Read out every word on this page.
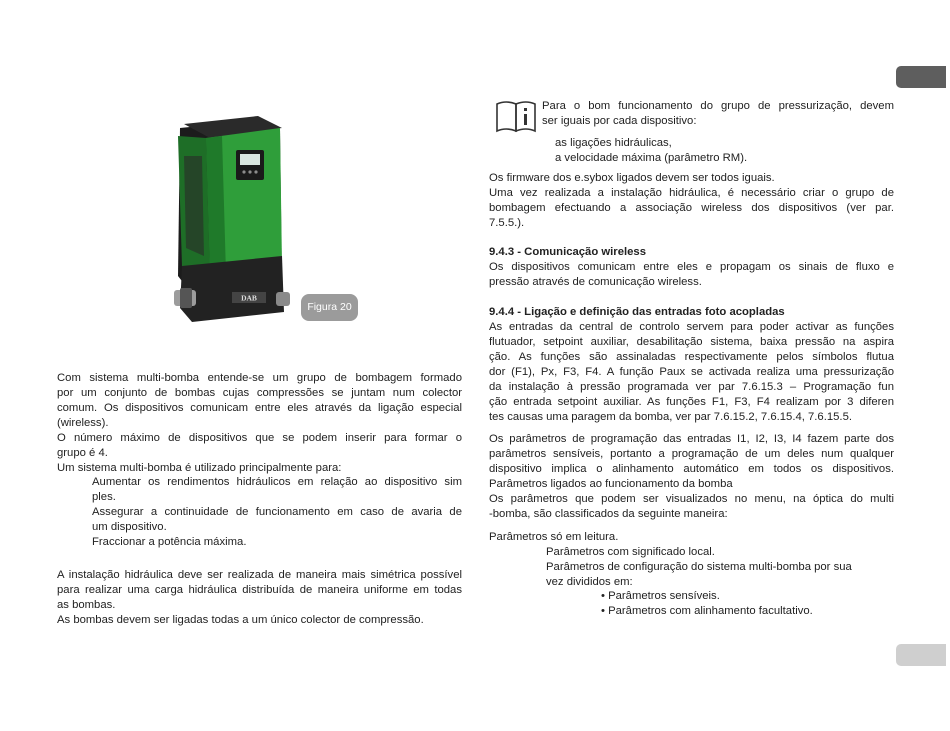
DAB
Figura 20
Com sistema multi-bomba entende-se um grupo de bombagem formado
por um conjunto de bombas cujas compressões se juntam num colector
comum. Os dispositivos comunicam entre eles através da ligação especial
(wireless).
O número máximo de dispositivos que se podem inserir para formar o
grupo é 4.
Um sistema multi-bomba é utilizado principalmente para:
Aumentar os rendimentos hidráulicos em relação ao dispositivo sim
ples.
Assegurar a continuidade de funcionamento em caso de avaria de
um dispositivo.
Fraccionar a potência máxima.
A instalação hidráulica deve ser realizada de maneira mais simétrica possível
para realizar uma carga hidráulica distribuída de maneira uniforme em todas
as bombas.
As bombas devem ser ligadas todas a um único colector de compressão.
Para o bom funcionamento do grupo de pressurização, devem
ser iguais por cada dispositivo:
as ligações hidráulicas,
a velocidade máxima (parâmetro RM).
Os firmware dos e.sybox ligados devem ser todos iguais.
Uma vez realizada a instalação hidráulica, é necessário criar o grupo de
bombagem efectuando a associação wireless dos dispositivos (ver par.
7.5.5.).
9.4.3 - Comunicação wireless
Os dispositivos comunicam entre eles e propagam os sinais de fluxo e
pressão através de comunicação wireless.
9.4.4 - Ligação e definição das entradas foto acopladas
As entradas da central de controlo servem para poder activar as funções
flutuador, setpoint auxiliar, desabilitação sistema, baixa pressão na aspira
ção. As funções são assinaladas respectivamente pelos símbolos flutua
dor (F1), Px, F3, F4. A função Paux se activada realiza uma pressurização
da instalação à pressão programada ver par 7.6.15.3 – Programação fun
ção entrada setpoint auxiliar. As funções F1, F3, F4 realizam por 3 diferen
tes causas uma paragem da bomba, ver par 7.6.15.2, 7.6.15.4, 7.6.15.5.
Os parâmetros de programação das entradas I1, I2, I3, I4 fazem parte dos
parâmetros sensíveis, portanto a programação de um deles num qualquer
dispositivo implica o alinhamento automático em todos os dispositivos.
Parâmetros ligados ao funcionamento da bomba
Os parâmetros que podem ser visualizados no menu, na óptica do multi
-bomba, são classificados da seguinte maneira:
Parâmetros só em leitura.
Parâmetros com significado local.
Parâmetros de configuração do sistema multi-bomba por sua
vez divididos em:
• Parâmetros sensíveis.
• Parâmetros com alinhamento facultativo.
